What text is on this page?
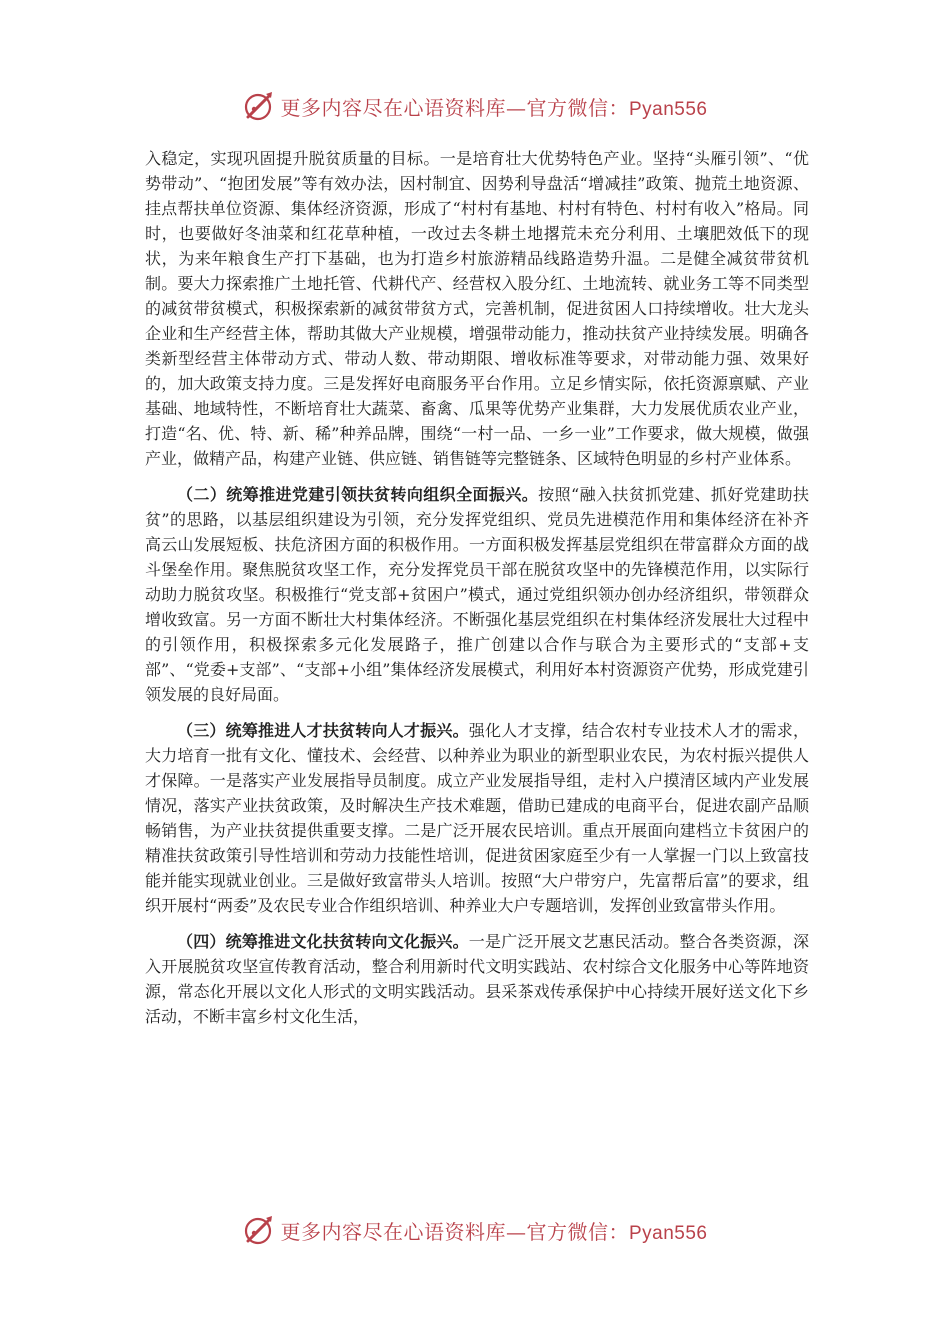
更多内容尽在心语资料库—官方微信：Pyan556

入稳定，实现巩固提升脱贫质量的目标。一是培育壮大优势特色产业。坚持“头雁引领”、“优势带动”、“抱团发展”等有效办法，因村制宜、因势利导盘活“增减挂”政策、抛荒土地资源、挂点帮扶单位资源、集体经济资源，形成了“村村有基地、村村有特色、村村有收入”格局。同时，也要做好冬油菜和红花草种植，一改过去冬耕土地撂荒未充分利用、土壤肥效低下的现状，为来年粮食生产打下基础，也为打造乡村旅游精品线路造势升温。二是健全减贫带贫机制。要大力探索推广土地托管、代耕代产、经营权入股分红、土地流转、就业务工等不同类型的减贫带贫模式，积极探索新的减贫带贫方式，完善机制，促进贫困人口持续增收。壮大龙头企业和生产经营主体，帮助其做大产业规模，增强带动能力，推动扶贫产业持续发展。明确各类新型经营主体带动方式、带动人数、带动期限、增收标准等要求，对带动能力强、效果好的，加大政策支持力度。三是发挥好电商服务平台作用。立足乡情实际，依托资源禀赋、产业基础、地域特性，不断培育壮大蔬菜、畜禽、瓜果等优势产业集群，大力发展优质农业产业，打造“名、优、特、新、稀”种养品牌，围绕“一村一品、一乡一业”工作要求，做大规模，做强产业，做精产品，构建产业链、供应链、销售链等完整链条、区域特色明显的乡村产业体系。

（二）统筹推进党建引领扶贫转向组织全面振兴。按照“融入扶贫抓党建、抓好党建助扶贫”的思路，以基层组织建设为引领，充分发挥党组织、党员先进模范作用和集体经济在补齐高云山发展短板、扶危济困方面的积极作用。一方面积极发挥基层党组织在带富群众方面的战斗堡垒作用。聚焦脱贫攻坚工作，充分发挥党员干部在脱贫攻坚中的先锋模范作用，以实际行动助力脱贫攻坚。积极推行“党支部+贫困户”模式，通过党组织领办创办经济组织，带领群众增收致富。另一方面不断壮大村集体经济。不断强化基层党组织在村集体经济发展壮大过程中的引领作用，积极探索多元化发展路子，推广创建以合作与联合为主要形式的“支部+支部”、“党委+支部”、“支部+小组”集体经济发展模式，利用好本村资源资产优势，形成党建引领发展的良好局面。

（三）统筹推进人才扶贫转向人才振兴。强化人才支撑，结合农村专业技术人才的需求，大力培育一批有文化、懂技术、会经营、以种养业为职业的新型职业农民，为农村振兴提供人才保障。一是落实产业发展指导员制度。成立产业发展指导组，走村入户摸清区域内产业发展情况，落实产业扶贫政策，及时解决生产技术难题，借助已建成的电商平台，促进农副产品顺畅销售，为产业扶贫提供重要支撑。二是广泛开展农民培训。重点开展面向建档立卡贫困户的精准扶贫政策引导性培训和劳动力技能性培训，促进贫困家庭至少有一人掌握一门以上致富技能并能实现就业创业。三是做好致富带头人培训。按照“大户带穷户，先富帮后富”的要求，组织开展村“两委”及农民专业合作组织培训、种养业大户专题培训，发挥创业致富带头作用。

（四）统筹推进文化扶贫转向文化振兴。一是广泛开展文艺惠民活动。整合各类资源，深入开展脱贫攻坚宣传教育活动，整合利用新时代文明实践站、农村综合文化服务中心等阵地资源，常态化开展以文化人形式的文明实践活动。县采茶戏传承保护中心持续开展好送文化下乡活动，不断丰富乡村文化生活，

更多内容尽在心语资料库—官方微信：Pyan556
